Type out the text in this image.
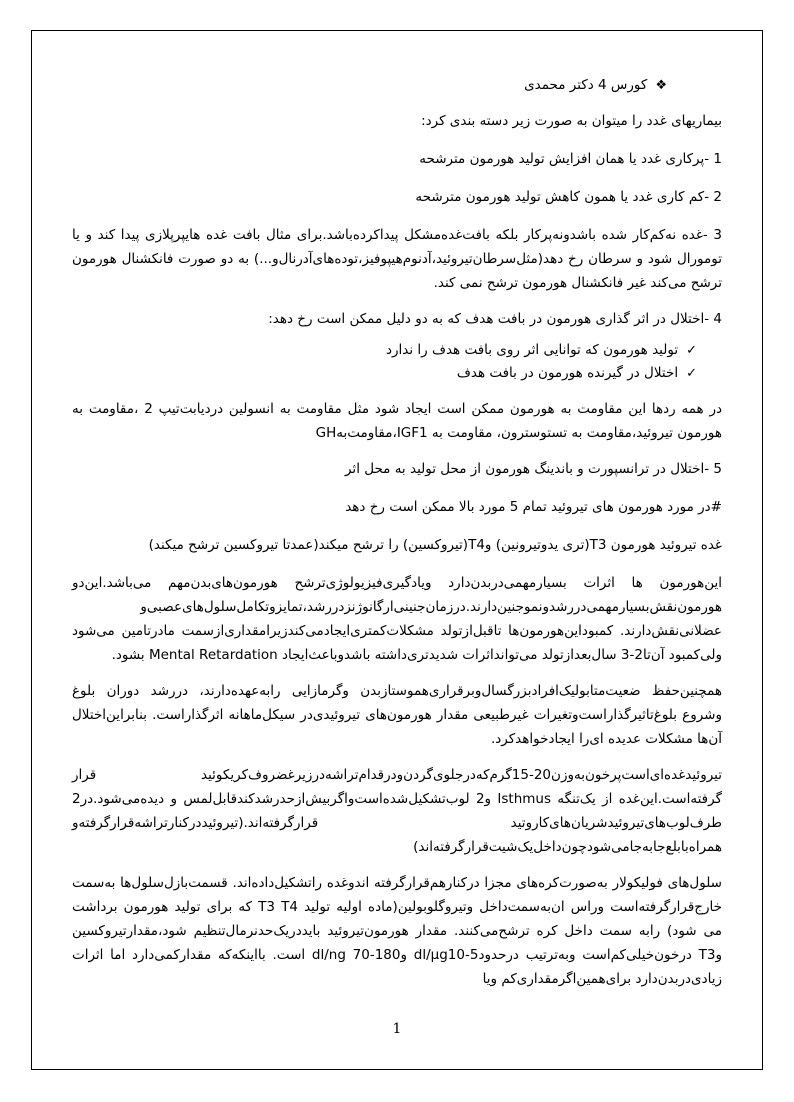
❖کورس 4 دکتر محمدی

بیماریهای غدد را میتوان به صورت زیر دسته بندی کرد:

1 -پرکاری غدد یا همان افزایش تولید هورمون مترشحه

2 -کم کاری غدد یا همون کاهش تولید هورمون مترشحه

3 -غده نه‌کم‌کار شده باشدونه‌پرکار بلکه بافت‌غده‌مشکل پیداکرده‌باشد.برای مثال بافت غده هایپرپلازی پیدا کند و یا تومورال شود و سرطان رخ دهد(مثل‌سرطان‌تیروئید،آدنوم‌هیپوفیز،توده‌های‌آدرنال‌و...) به دو صورت فانکشنال هورمون ترشح می‌کند غیر فانکشنال هورمون ترشح نمی کند.

4 -اختلال در اثر گذاری هورمون در بافت هدف که به دو دلیل ممکن است رخ دهد:

✓تولید هورمون که توانایی اثر روی بافت هدف را ندارد
✓اختلال در گیرنده هورمون در بافت هدف

در همه ردها این مقاومت به هورمون ممکن است ایجاد شود مثل مقاومت به انسولین دردیابت‌تیپ 2 ،مقاومت به هورمون تیروئید،مقاومت به تستوسترون، مقاومت به IGF1،مقاومت‌بهGH

5 -اختلال در ترانسپورت و باندینگ هورمون از محل تولید به محل اثر

#در مورد هورمون های تیروئید تمام 5 مورد بالا ممکن است رخ دهد

غده تیروئید هورمون T3(تری یدوتیرونین) وT4(تیروکسین) را ترشح میکند(عمدتا تیروکسین ترشح میکند)

این‌هورمون ها اثرات بسیارمهمی‌دربدن‌دارد ویادگیری‌فیزیولوژی‌ترشح هورمون‌های‌بدن‌مهم می‌باشد.این‌دو هورمون‌نقش‌بسیارمهمی‌دررشدونموجنین‌دارند.درزمان‌جنینی‌ارگانوژنزدررشد،تمایزوتکامل‌سلول‌های‌عصبی‌و عضلانی‌نقش‌دارند. کمبوداین‌هورمون‌ها تاقبل‌ازتولد مشکلات‌کمتری‌ایجادمی‌کندزیرامقداری‌ازسمت مادرتامین می‌شود ولی‌کمبود آن‌تا2-3 سال‌بعدازتولد می‌تواند‌اثرات شدیدتری‌داشته باشدوباعث‌ایجاد Mental Retardation بشود.

همچنین‌حفظ ضعیت‌متابولیک‌افرادبزرگسال‌وبرقراری‌هموستازبدن وگرمازایی رابه‌عهده‌دارند، دررشد دوران بلوغ وشروع بلوغ‌تاثیرگذاراست‌وتغیرات غیرطبیعی مقدار هورمون‌های تیروئیدی‌در سیکل‌ماهانه اثرگذاراست. بنابراین‌اختلال آن‌ها مشکلات عدیده ای‌را ایجادخواهدکرد.

تیروئیدغده‌ای‌است‌پرخون‌به‌وزن20-15گرم‌که‌درجلوی‌گردن‌ودرقدام‌تراشه‌درزیرغضروف‌کریکوئید قرار گرفته‌است.این‌غده از یک‌تنگه Isthmus و2 لوب‌تشکیل‌شده‌است‌واگربیش‌ازحدرشدکندقابل‌لمس و دیده‌می‌شود.در2 طرف‌لوب‌های‌تیروئید‌شریان‌های‌کاروتید قرارگرفته‌اند.(تیروئیددرکنارتراشه‌قرارگرفته‌و همراه‌بابلع‌جابه‌جامی‌شودچون‌داخل‌یک‌شیت‌قرارگرفته‌اند)

سلول‌های فولیکولار به‌صورت‌کره‌های مجزا درکنارهم‌قرارگرفته اندوغده راتشکیل‌داده‌اند. قسمت‌بازل‌سلول‌ها به‌سمت خارج‌قرارگرفته‌است وراس ان‌به‌سمت‌داخل وتیروگلوبولین(ماده اولیه تولید T3 T4 که برای تولید هورمون برداشت می شود) رابه سمت داخل کره ترشح‌می‌کنند. مقدار هورمون‌تیروئید بایددریک‌حدنرمال‌تنظیم شود،مقدارتیروکسین وT3 درخون‌خیلی‌کم‌است وبه‌ترتیب درحدودdl/µg10-5 و180-70 dl/ng است. بااینکه‌که مقدارکمی‌دارد اما اثرات زیادی‌دربدن‌دارد برای‌همین‌اگرمقداری‌کم ویا

1
